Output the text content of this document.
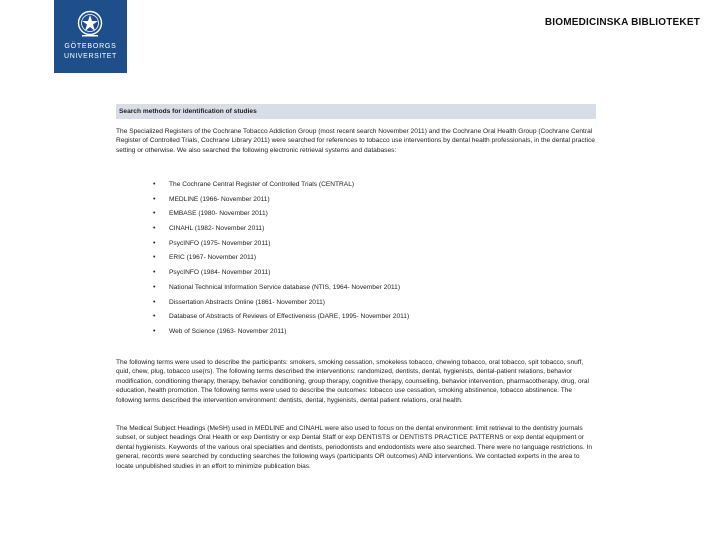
GÖTEBORGS
UNIVERSITET
BIOMEDICINSKA BIBLIOTEKET
Search methods for identification of studies

The Specialized Registers of the Cochrane Tobacco Addiction Group (most recent search November 2011) and the Cochrane Oral Health Group (Cochrane Central Register of Controlled Trials, Cochrane Library 2011) were searched for references to tobacco use interventions by dental health professionals, in the dental practice setting or otherwise. We also searched the following electronic retrieval systems and databases:

• The Cochrane Central Register of Controlled Trials (CENTRAL)
• MEDLINE (1966- November 2011)
• EMBASE (1980- November 2011)
• CINAHL (1982- November 2011)
• PsycINFO (1975- November 2011)
• ERIC (1967- November 2011)
• PsycINFO (1984- November 2011)
• National Technical Information Service database (NTIS, 1964- November 2011)
• Dissertation Abstracts Online (1861- November 2011)
• Database of Abstracts of Reviews of Effectiveness (DARE, 1995- November 2011)
• Web of Science (1963- November 2011)

The following terms were used to describe the participants: smokers, smoking cessation, smokeless tobacco, chewing tobacco, oral tobacco, spit tobacco, snuff, quid, chew, plug, tobacco use(rs). The following terms described the interventions: randomized, dentists, dental, hygienists, dental-patient relations, behavior modification, conditioning therapy, therapy, behavior conditioning, group therapy, cognitive therapy, counselling, behavior intervention, pharmacotherapy, drug, oral education, health promotion. The following terms were used to describe the outcomes: tobacco use cessation, smoking abstinence, tobacco abstinence. The following terms described the intervention environment: dentists, dental, hygienists, dental patient relations, oral health.

The Medical Subject Headings (MeSH) used in MEDLINE and CINAHL were also used to focus on the dental environment: limit retrieval to the dentistry journals subset, or subject headings Oral Health or exp Dentistry or exp Dental Staff or exp DENTISTS or DENTISTS PRACTICE PATTERNS or exp dental equipment or dental hygienists. Keywords of the various oral specialties and dentists, periodontists and endodontists were also searched. There were no language restrictions. In general, records were searched by conducting searches the following ways (participants OR outcomes) AND interventions. We contacted experts in the area to locate unpublished studies in an effort to minimize publication bias.
